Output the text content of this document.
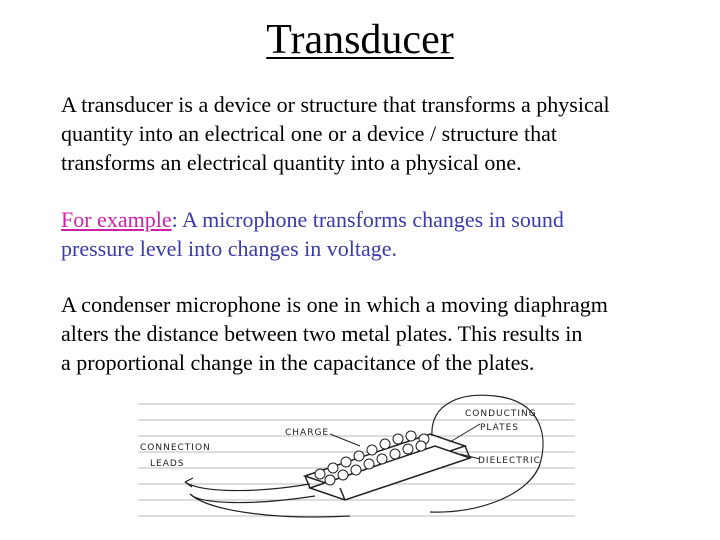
Transducer

A transducer is a device or structure that transforms a physical
quantity into an electrical one or a device / structure that
transforms an electrical quantity into a physical one.

For example: A microphone transforms changes in sound
pressure level into changes in voltage.

A condenser microphone is one in which a moving diaphragm
alters the distance between two metal plates. This results in
a proportional change in the capacitance of the plates.

CONDUCTING
PLATES
CHARGE
DIELECTRIC
CONNECTION
LEADS
